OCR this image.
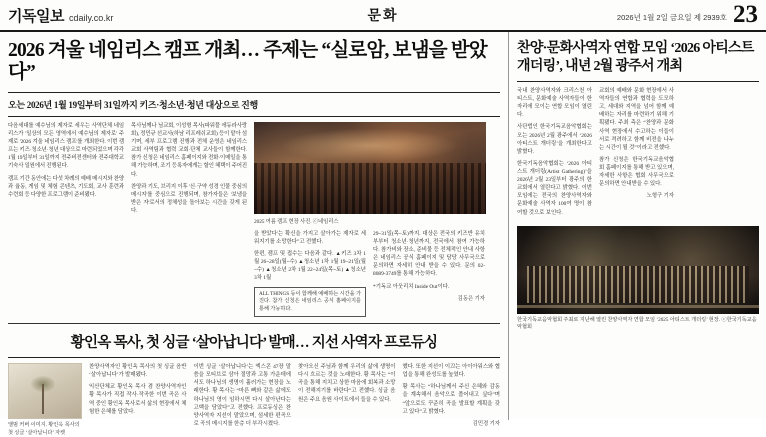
기독일보 cdaily.co.kr	문화	2026년 1월 2일 금요일 제 2939호 23
2026 겨울 네임리스 캠프 개최… 주제는 “실로암, 보냄을 받았다”
오는 2026년 1월 19일부터 31일까지 키즈·청소년·청년 대상으로 진행

다음세대를 예수님의 제자로 세우는 사역단체 네임리스가 '일상의 모든 영역에서 예수님의 제자로' 주제로 '2026 겨울 네임리스 캠프'를 개최한다. 이번 캠프는 키즈·청소년·청년 대상으로 마련되었으며 각각 1월 19일부터 31일까지 전주비전센터와 전주대학교 기숙사 일원에서 진행된다.

캠프 기간 동안에는 다섯 차례의 예배 메시지와 찬양과 율동, 게임 및 체험 콘텐츠, 기도회, 교사 훈련과 수련회 등 다양한 프로그램이 준비됐다.

목사님께나 님교회, 이성형 목사(파워풀 에듀라사랑회), 정민규 선교사(하남 리프레쉬교회) 등이 맡아 섬기며, 세부 프로그램 진행과 전체 운영은 네임리스 교회 사역팀과 협력 교회·단체 교사들이 함께한다. 참가 신청은 네임리스 홈페이지와 전화·이메일을 통해 가능하며, 조기 등록자에게는 할인 혜택이 주어진다.

찬양과 기도, 브리지 이후 '신·구약 성경 인물 중심의 메시지'를 중심으로 진행되며, 참가자들은 '보냄을 받은 자'로서의 정체성을 돌아보는 시간을 갖게 된다.

2025 여름 캠프 현장 사진. ⓒ네임리스

을 받았다'는 확신을 가지고 살아가는 제자로 세워지기를 소망한다”고 전했다.

한편, 캠프 및 접수는 다음과 같다. ▲키즈 3차 1월 26~28일(월~수) ▲청소년 1차 1월 19~21일(월~수) ▲청소년 2차 1월 22~24일(목~토) ▲청소년 3차 1월

ALL THINGS 등이 함께해 예배하는 시간을 가진다. 참가 신청은 네임리스 공식 홈페이지를 통해 가능하다.

29~31일(목~토)까지. 대상은 전국의 키즈반 유치부부터 청소년·청년까지, 전국에서 참여 가능하다. 참가비와 장소, 준비물 등 전체적인 안내 사항은 네임리스 공식 홈페이지 및 담당 사무국으로 문의하면 자세히 안내 받을 수 있다. 문의 02-8089-3749를 통해 가능하다.

*기독교 아웃리치 Inside Out이다.

김동은 기자
황인옥 목사, 첫 싱글 ‘살아납니다’ 발매… 지선 사역자 프로듀싱
앨범 커버 이미지. 황인옥 목사의 첫 싱글 ‘살아납니다’ 자켓

찬양사역자인 황인옥 목사의 첫 싱글 음반 ‘살아납니다’가 발매됐다.

익산단체교 황인옥 목사 겸 찬양사역자인 황 목사가 직접 작사·작곡한 이번 곡은 사역 중인 황인옥 목사로서 삶의 현장에서 체험한 은혜를 담았다.

이번 싱글 ‘살아납니다’는 엑스콘 47장 말씀을 모티브로 삼아 절망과 고통 가운데에서도 하나님의 생명이 흘러가는 현장을 노래한다. 황 목사는 “마른 뼈와 같은 삶에도 하나님의 영이 임하시면 다시 살아난다는 고백을 담았다”고 전했다. 프로듀싱은 찬양사역자 지선이 맡았으며, 섬세한 편곡으로 곡의 메시지를 한층 더 부각시켰다.

찾아오신 주님과 함께 우리의 삶에 생명이 다시 흐르는 것을 노래한다. 황 목사는 “이 곡을 통해 지치고 상한 마음에 회복과 소망이 전해지기를 바란다”고 전했다. 싱글 음원은 주요 음원 사이트에서 들을 수 있다.

했다. 또한 지선이 이끄는 아이아워스와 협업을 통해 완성도를 높였다.

황 목사는 “하나님께서 주신 은혜와 감동을 계속해서 음악으로 풀어내고 싶다”며 “앞으로도 꾸준히 곡을 발표할 계획을 갖고 있다”고 밝혔다.

김민경 기자
찬양·문화사역자 연합 모임 ‘2026 아티스트 개더링’, 내년 2월 광주서 개최

국내 찬양사역자와 크리스천 아티스트, 문화예술 사역자들이 한자리에 모이는 연합 모임이 열린다.

사단법인 한국기독교음악협회는 오는 2026년 2월 광주에서 ‘2026 아티스트 개더링’을 개최한다고 밝혔다.

한국기독음악협회는 ‘2026 아티스트 개더링(Artist Gathering)’을 2026년 2월 23일부터 광주의 한 교회에서 열린다고 밝혔다. 이번 모임에는 전국의 찬양사역자와 문화예술 사역자 100여 명이 참여할 것으로 보인다.

교회의 예배와 문화 현장에서 사역자들의 연합과 협력을 도모하고, 세대와 지역을 넘어 함께 예배하는 자리를 마련하기 위해 기획됐다. 주최 측은 “찬양과 문화사역 현장에서 수고하는 이들이 서로 격려하고 함께 비전을 나누는 시간이 될 것”이라고 전했다.

참가 신청은 한국기독교음악협회 홈페이지를 통해 받고 있으며, 자세한 사항은 협회 사무국으로 문의하면 안내받을 수 있다.

노형구 기자
한국기독교음악협회 주최로 지난해 열린 찬양사역자 연합 모임 ‘2025 아티스트 개더링’ 현장. ⓒ한국기독교음악협회
